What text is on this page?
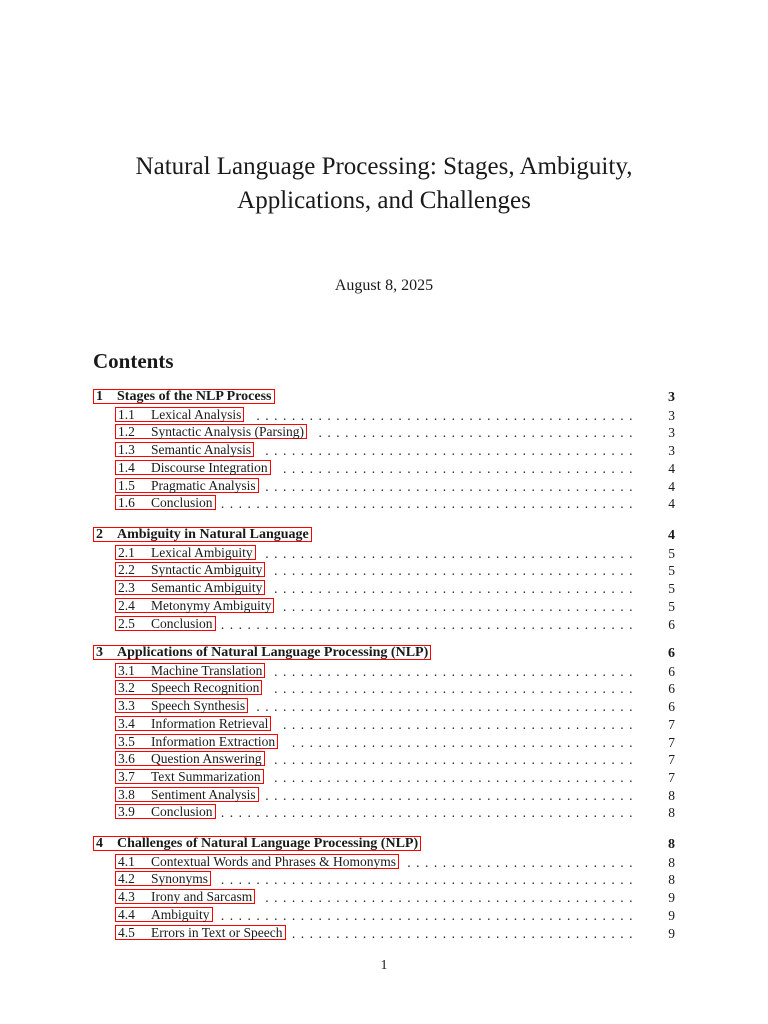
Natural Language Processing: Stages, Ambiguity,
Applications, and Challenges
August 8, 2025
Contents
1 Stages of the NLP Process	3
1.1 Lexical Analysis	...........................................	3
1.2 Syntactic Analysis (Parsing)	....................................	3
1.3 Semantic Analysis	..........................................	3
1.4 Discourse Integration	........................................	4
1.5 Pragmatic Analysis ..........................................	4
1.6 Conclusion ...............................................	4
2 Ambiguity in Natural Language	4
2.1 Lexical Ambiguity ..........................................	5
2.2 Syntactic Ambiguity .........................................	5
2.3 Semantic Ambiguity .........................................	5
2.4 Metonymy Ambiguity ........................................	5
2.5 Conclusion ...............................................	6
3 Applications of Natural Language Processing (NLP)	6
3.1 Machine Translation .........................................	6
3.2 Speech Recognition	.........................................	6
3.3 Speech Synthesis ...........................................	6
3.4 Information Retrieval	........................................	7
3.5 Information Extraction	.......................................	7
3.6 Question Answering .........................................	7
3.7 Text Summarization .........................................	7
3.8 Sentiment Analysis ..........................................	8
3.9 Conclusion ...............................................	8
4 Challenges of Natural Language Processing (NLP)	8
4.1 Contextual Words and Phrases & Homonyms ..........................	8
4.2 Synonyms ...............................................	8
4.3 Irony and Sarcasm ..........................................	9
4.4 Ambiguity ...............................................	9
4.5 Errors in Text or Speech .......................................	9
1
